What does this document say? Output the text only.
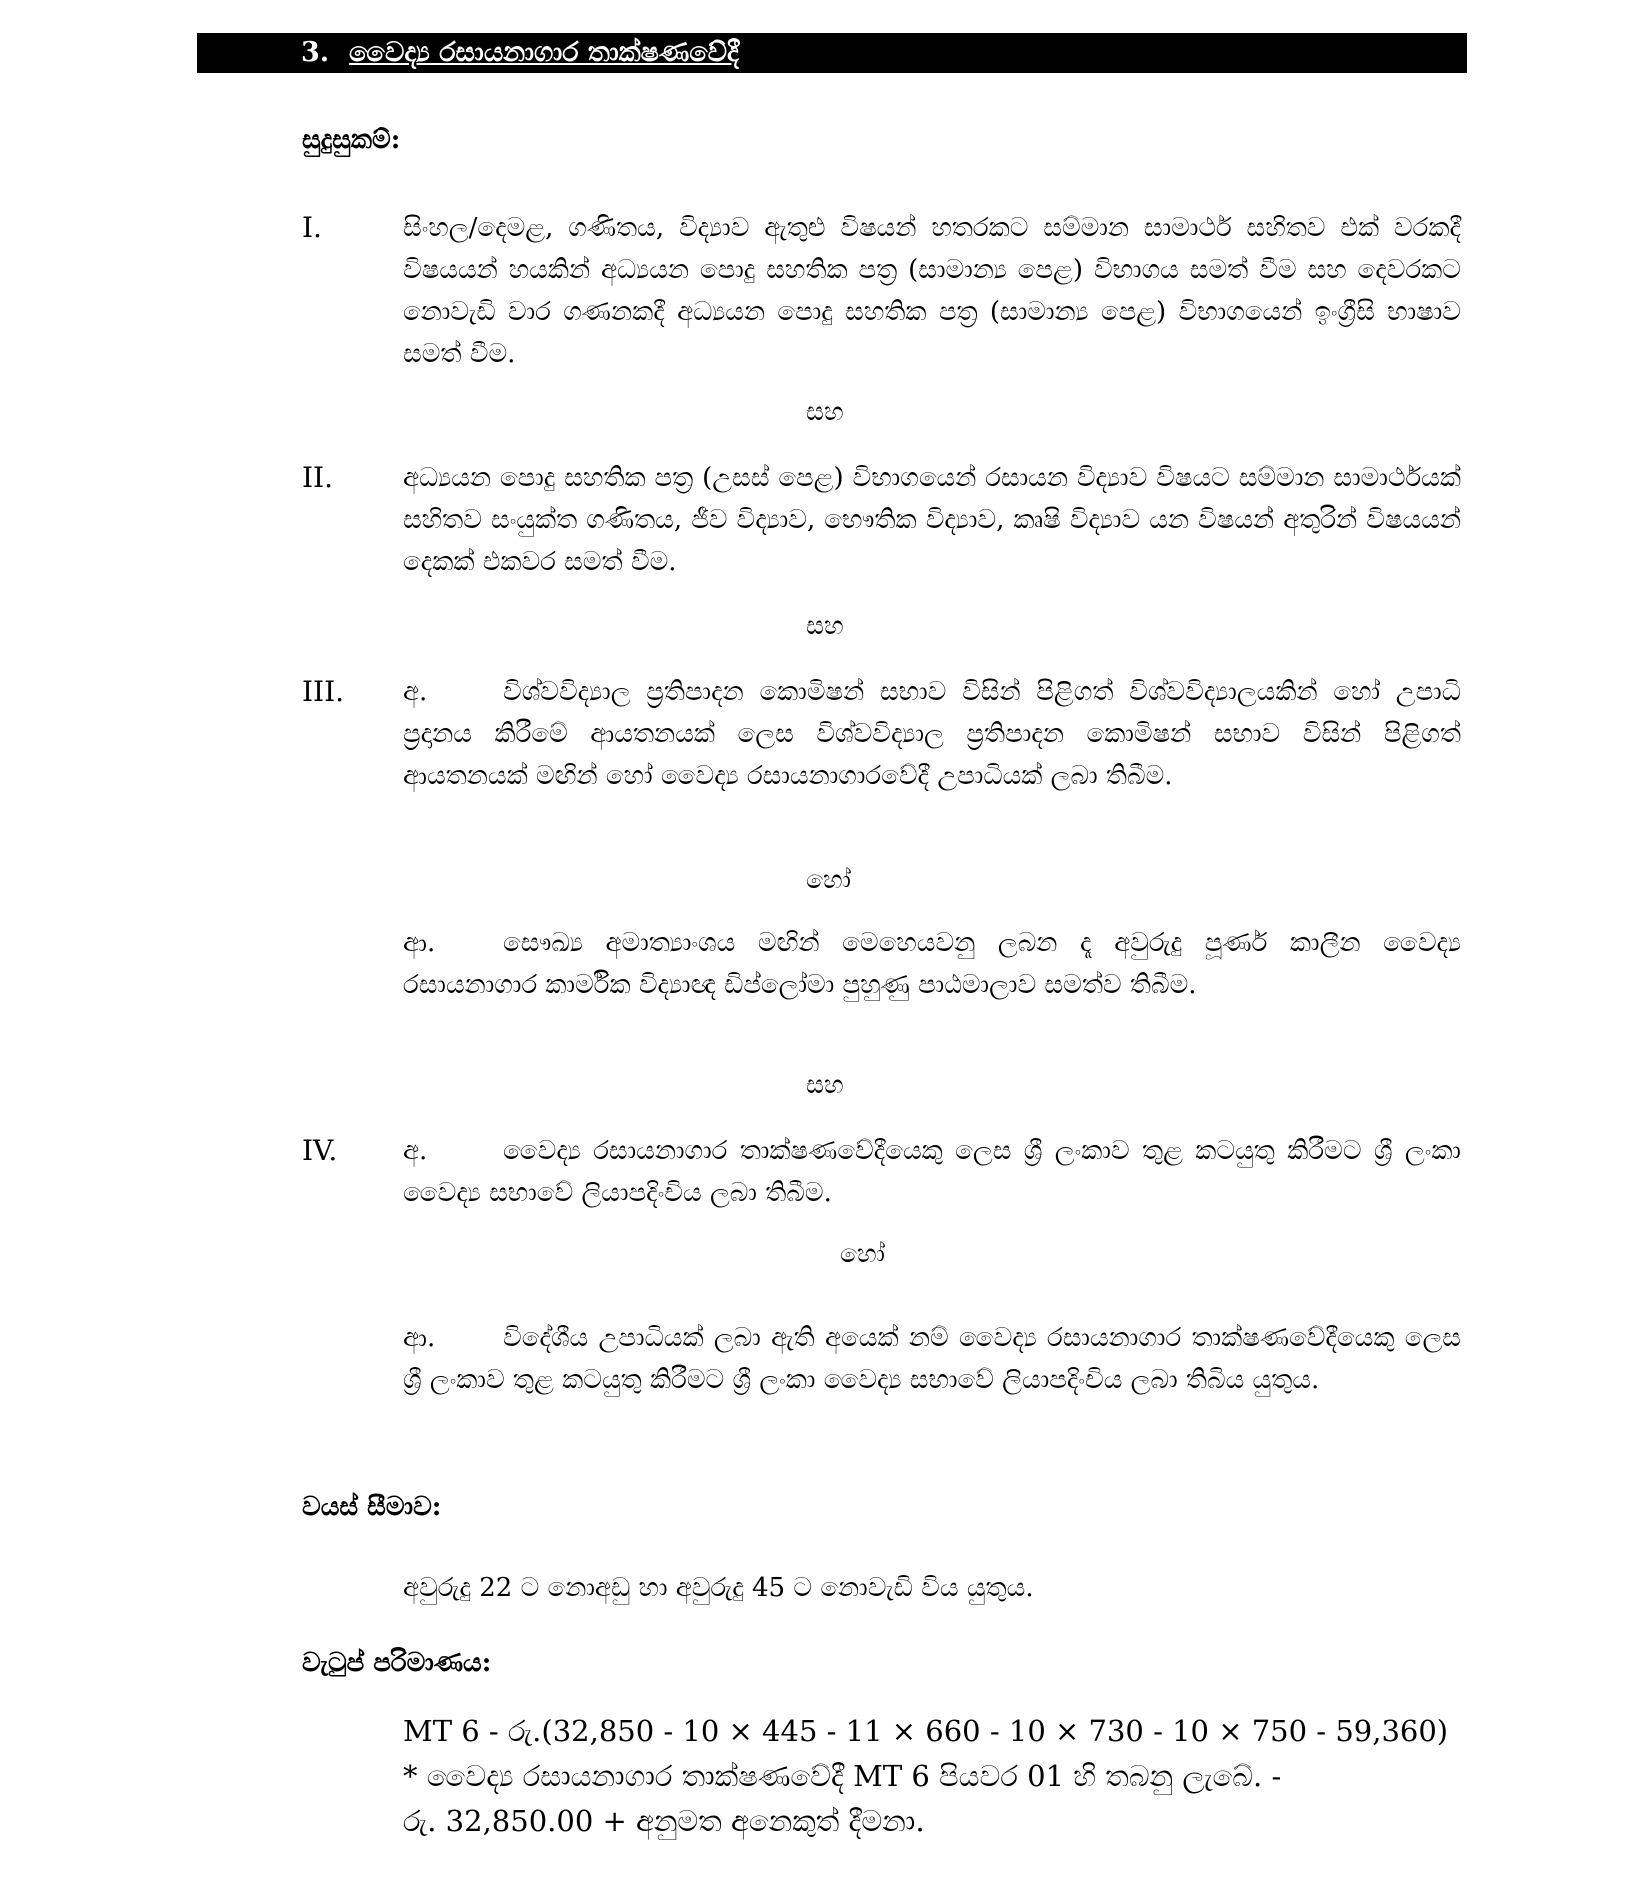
3. වෛද්‍ය රසායනාගාර තාක්ෂණවේදී
සුදුසුකම්:
I.	සිංහල/දෙමළ, ගණිතය, විද්‍යාව ඇතුළු විෂයන් හතරකට සම්මාන සාමාර්ථ සහිතව එක් වරකදී විෂයයන් හයකින් අධ්‍යයන පොදු සහතික පත්‍ර (සාමාන්‍ය පෙළ) විභාගය සමත් වීම සහ දෙවරකට නොවැඩි වාර ගණනකදී අධ්‍යයන පොදු සහතික පත්‍ර (සාමාන්‍ය පෙළ) විභාගයෙන් ඉංග්‍රීසි භාෂාව සමත් වීම.
සහ
II.	අධ්‍යයන පොදු සහතික පත්‍ර (උසස් පෙළ) විභාගයෙන් රසායන විද්‍යාව විෂයට සම්මාන සාමාර්ථයක් සහිතව සංයුක්ත ගණිතය, ජීව විද්‍යාව, භෞතික විද්‍යාව, කෘෂි විද්‍යාව යන විෂයන් අතුරින් විෂයයන් දෙකක් එකවර සමත් වීම.
සහ
III. අ.	විශ්වවිද්‍යාල ප්‍රතිපාදන කොමිෂන් සභාව විසින් පිළිගත් විශ්වවිද්‍යාලයකින් හෝ උපාධි ප්‍රදානය කිරීමේ ආයතනයක් ලෙස විශ්වවිද්‍යාල ප්‍රතිපාදන කොමිෂන් සභාව විසින් පිළිගත් ආයතනයක් මඟින් හෝ වෛද්‍ය රසායනාගාරවේදී උපාධියක් ලබා තිබීම.
හෝ
ආ.	සෞඛ්‍ය අමාත්‍යාංශය මඟින් මෙහෙයවනු ලබන දෑ අවුරුදු පූර්ණ කාලීන වෛද්‍ය රසායනාගාර කාර්මික විද්‍යාඥ ඩිප්ලෝමා පුහුණු පාඨමාලාව සමත්ව තිබීම.
සහ
IV.	අ.	වෛද්‍ය රසායනාගාර තාක්ෂණවේදීයෙකු ලෙස ශ්‍රී ලංකාව තුළ කටයුතු කිරීමට ශ්‍රී ලංකා වෛද්‍ය සභාවේ ලියාපදිංචිය ලබා තිබීම.
හෝ
ආ.	විදේශීය උපාධියක් ලබා ඇති අයෙක් නම් වෛද්‍ය රසායනාගාර තාක්ෂණවේදීයෙකු ලෙස ශ්‍රී ලංකාව තුළ කටයුතු කිරීමට ශ්‍රී ලංකා වෛද්‍ය සභාවේ ලියාපදිංචිය ලබා තිබිය යුතුය.
වයස් සීමාව:
අවුරුදු 22 ට නොඅඩු හා අවුරුදු 45 ට නොවැඩි විය යුතුය.
වැටුප් පරිමාණය:
MT 6 - රු.(32,850 - 10 × 445 - 11 × 660 - 10 × 730 - 10 × 750 - 59,360)
* වෛද්‍ය රසායනාගාර තාක්ෂණවේදී MT 6 පියවර 01 හි තබනු ලැබේ. -
රු. 32,850.00 + අනුමත අනෙකුත් දීමනා.
